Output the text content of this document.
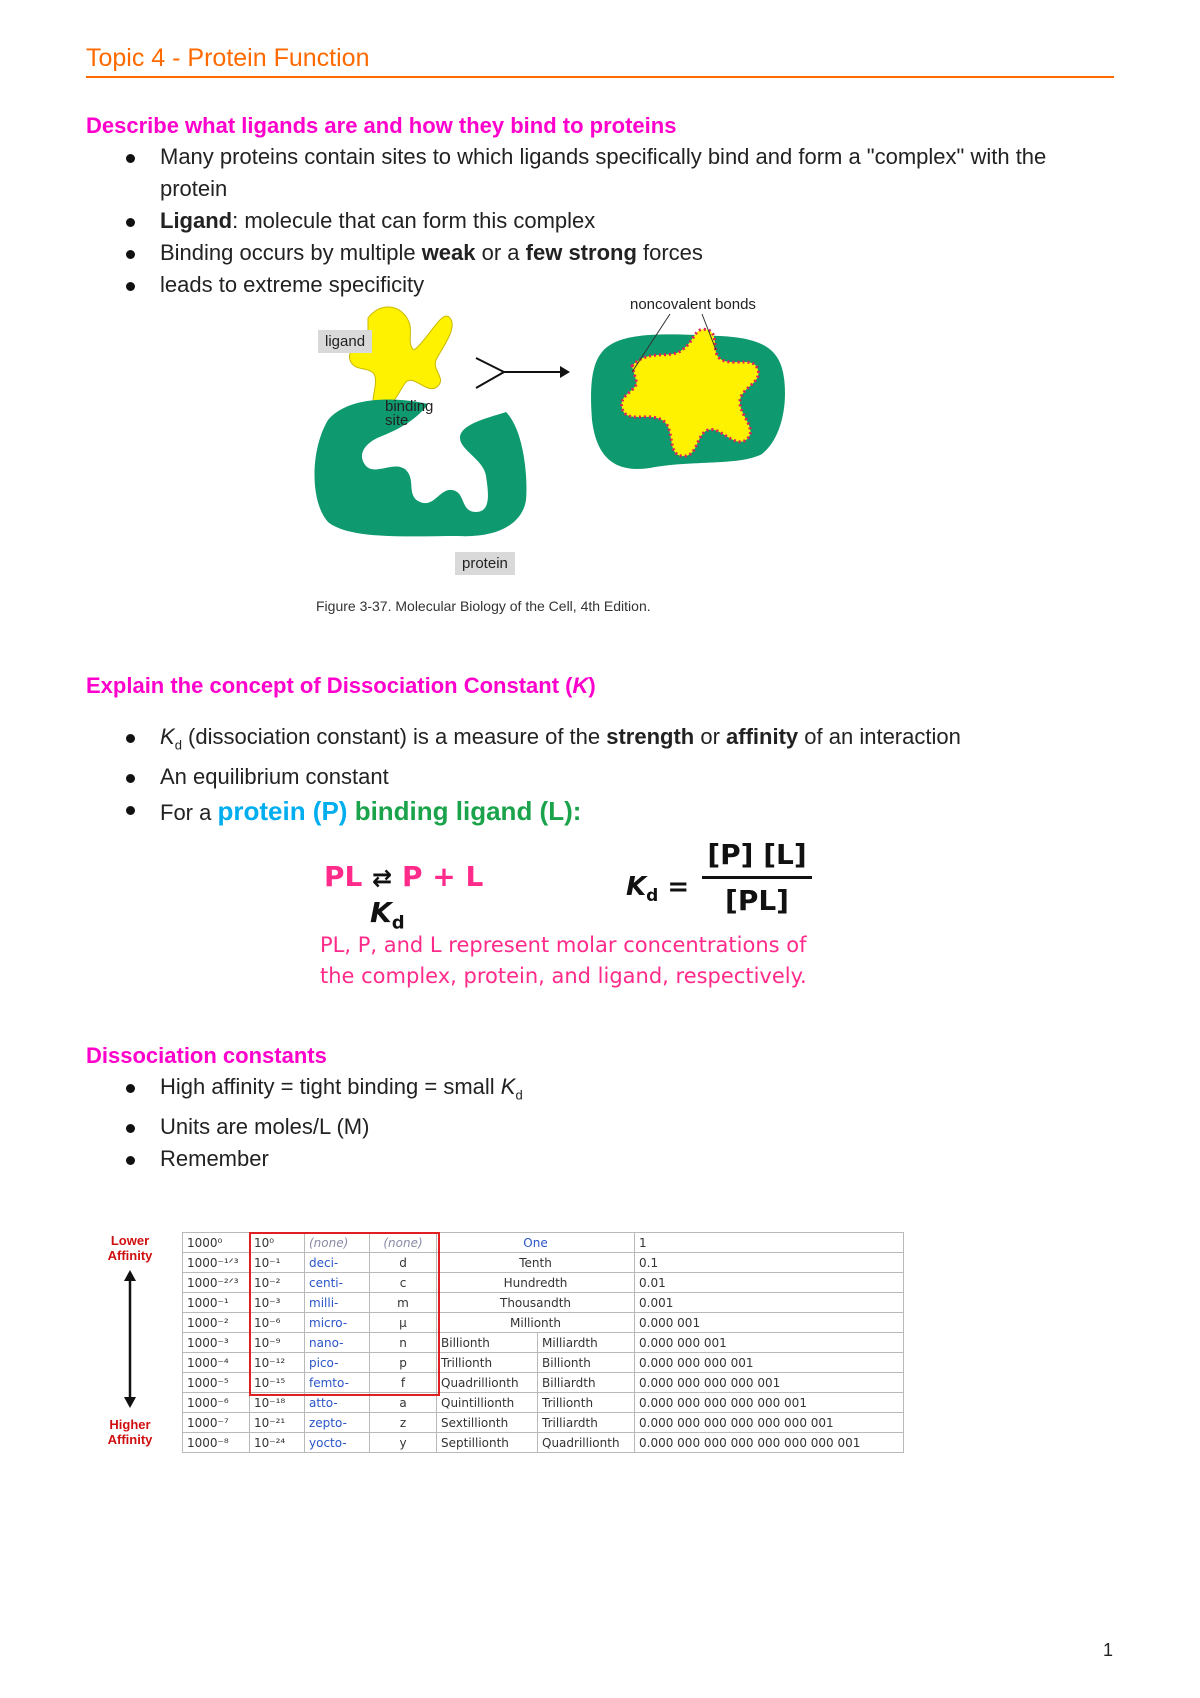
Topic 4 - Protein Function
Describe what ligands are and how they bind to proteins
Many proteins contain sites to which ligands specifically bind and form a "complex" with the protein
Ligand: molecule that can form this complex
Binding occurs by multiple weak or a few strong forces
leads to extreme specificity
ligand
binding
site
protein
noncovalent bonds
Figure 3-37. Molecular Biology of the Cell, 4th Edition.
Explain the concept of Dissociation Constant (K)
$K_d$ (dissociation constant) is a measure of the strength or affinity of an interaction
An equilibrium constant
For a protein (P) binding ligand (L):
PL ⇄ P + L
$K_d$
$K_d$ =
[P] [L]
[PL]
PL, P, and L represent molar concentrations of
the complex, protein, and ligand, respectively.
Dissociation constants
High affinity = tight binding = small $K_d$
Units are moles/L (M)
Remember
Lower
Affinity
Higher
Affinity
1000⁰	10⁰	(none)	(none)	One		1
1000⁻¹ᐟ³	10⁻¹	deci-	d	Tenth		0.1
1000⁻²ᐟ³	10⁻²	centi-	c	Hundredth		0.01
1000⁻¹	10⁻³	milli-	m	Thousandth		0.001
1000⁻²	10⁻⁶	micro-	μ	Millionth		0.000 001
1000⁻³	10⁻⁹	nano-	n	Billionth	Milliardth	0.000 000 001
1000⁻⁴	10⁻¹²	pico-	p	Trillionth	Billionth	0.000 000 000 001
1000⁻⁵	10⁻¹⁵	femto-	f	Quadrillionth	Billiardth	0.000 000 000 000 001
1000⁻⁶	10⁻¹⁸	atto-	a	Quintillionth	Trillionth	0.000 000 000 000 000 001
1000⁻⁷	10⁻²¹	zepto-	z	Sextillionth	Trilliardth	0.000 000 000 000 000 000 001
1000⁻⁸	10⁻²⁴	yocto-	y	Septillionth	Quadrillionth	0.000 000 000 000 000 000 000 001
1
